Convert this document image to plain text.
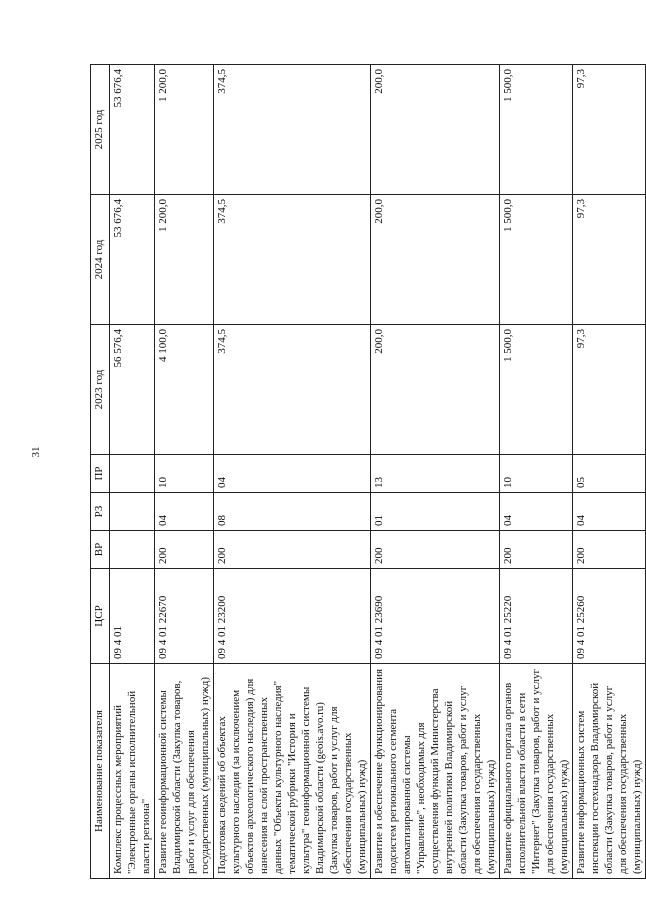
31
Наименование показателя	ЦСР	ВР	РЗ	ПР	2023 год	2024 год	2025 год
Комплекс процессных мероприятий "Электронные органы исполнительной власти региона"	09 4 01				56 576,4	53 676,4	53 676,4
Развитие геоинформационной системы Владимирской области (Закупка товаров, работ и услуг для обеспечения государственных (муниципальных) нужд)	09 4 01 22670	200	04	10	4 100,0	1 200,0	1 200,0
Подготовка сведений об объектах культурного наследия (за исключением объектов археологического наследия) для нанесения на слой пространственных данных "Объекты культурного наследия" тематической рубрики "История и культура" геоинформационной системы Владимирской области (geois.avo.ru) (Закупка товаров, работ и услуг для обеспечения государственных (муниципальных) нужд)	09 4 01 23200	200	08	04	374,5	374,5	374,5
Развитие и обеспечение функционирования подсистем регионального сегмента автоматизированной системы "Управление", необходимых для осуществления функций Министерства внутренней политики Владимирской области (Закупка товаров, работ и услуг для обеспечения государственных (муниципальных) нужд)	09 4 01 23690	200	01	13	200,0	200,0	200,0
Развитие официального портала органов исполнительной власти области в сети "Интернет" (Закупка товаров, работ и услуг для обеспечения государственных (муниципальных) нужд)	09 4 01 25220	200	04	10	1 500,0	1 500,0	1 500,0
Развитие информационных систем инспекции гостехнадзора Владимирской области (Закупка товаров, работ и услуг для обеспечения государственных (муниципальных) нужд)	09 4 01 25260	200	04	05	97,3	97,3	97,3
